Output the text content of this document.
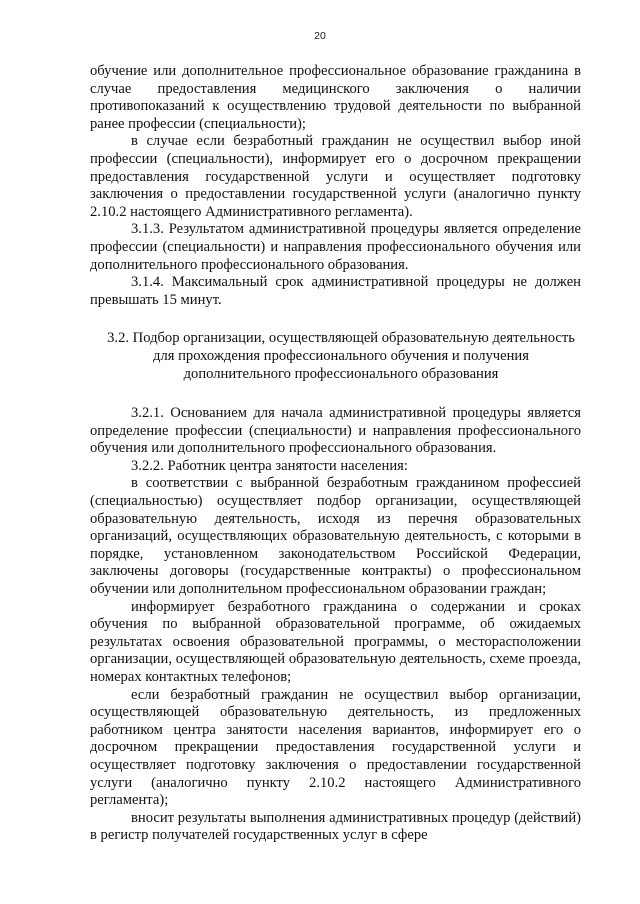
20

обучение или дополнительное профессиональное образование гражданина в случае предоставления медицинского заключения о наличии противопоказаний к осуществлению трудовой деятельности по выбранной ранее профессии (специальности);

в случае если безработный гражданин не осуществил выбор иной профессии (специальности), информирует его о досрочном прекращении предоставления государственной услуги и осуществляет подготовку заключения о предоставлении государственной услуги (аналогично пункту 2.10.2 настоящего Административного регламента).

3.1.3. Результатом административной процедуры является определение профессии (специальности) и направления профессионального обучения или дополнительного профессионального образования.

3.1.4. Максимальный срок административной процедуры не должен превышать 15 минут.

3.2. Подбор организации, осуществляющей образовательную деятельность для прохождения профессионального обучения и получения дополнительного профессионального образования

3.2.1. Основанием для начала административной процедуры является определение профессии (специальности) и направления профессионального обучения или дополнительного профессионального образования.

3.2.2. Работник центра занятости населения:

в соответствии с выбранной безработным гражданином профессией (специальностью) осуществляет подбор организации, осуществляющей образовательную деятельность, исходя из перечня образовательных организаций, осуществляющих образовательную деятельность, с которыми в порядке, установленном законодательством Российской Федерации, заключены договоры (государственные контракты) о профессиональном обучении или дополнительном профессиональном образовании граждан;

информирует безработного гражданина о содержании и сроках обучения по выбранной образовательной программе, об ожидаемых результатах освоения образовательной программы, о месторасположении организации, осуществляющей образовательную деятельность, схеме проезда, номерах контактных телефонов;

если безработный гражданин не осуществил выбор организации, осуществляющей образовательную деятельность, из предложенных работником центра занятости населения вариантов, информирует его о досрочном прекращении предоставления государственной услуги и осуществляет подготовку заключения о предоставлении государственной услуги (аналогично пункту 2.10.2 настоящего Административного регламента);

вносит результаты выполнения административных процедур (действий) в регистр получателей государственных услуг в сфере
